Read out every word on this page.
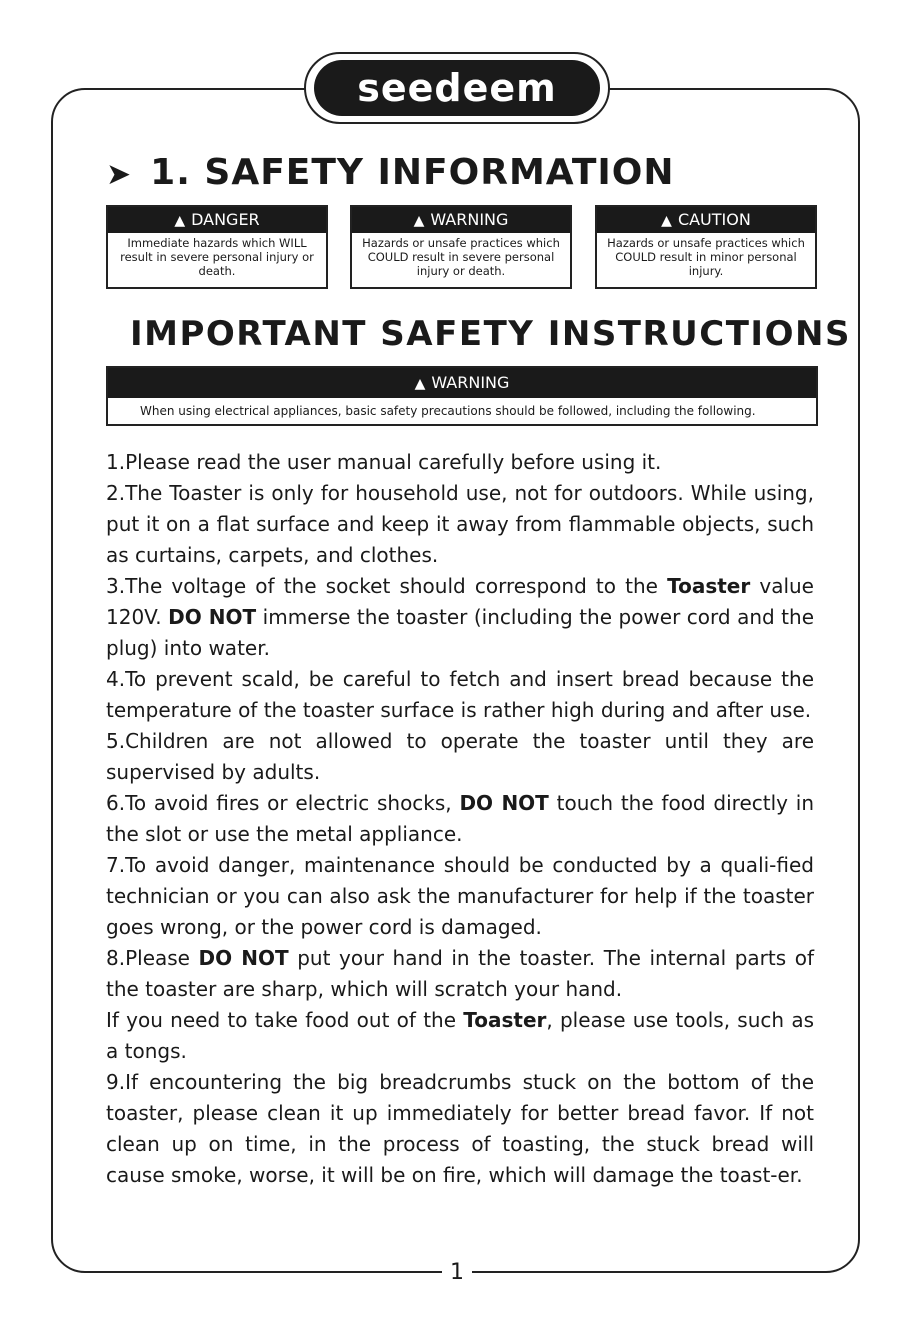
seedeem
➤ 1. SAFETY INFORMATION
▲ DANGER
Immediate hazards which WILL result in severe personal injury or death.
▲ WARNING
Hazards or unsafe practices which COULD result in severe personal injury or death.
▲ CAUTION
Hazards or unsafe practices which COULD result in minor personal injury.
IMPORTANT SAFETY INSTRUCTIONS
▲ WARNING
When using electrical appliances, basic safety precautions should be followed, including the following.

1.Please read the user manual carefully before using it.

2.The Toaster is only for household use, not for outdoors. While using, put it on a flat surface and keep it away from flammable objects, such as curtains, carpets, and clothes.

3.The voltage of the socket should correspond to the Toaster value 120V. DO NOT immerse the toaster (including the power cord and the plug) into water.

4.To prevent scald, be careful to fetch and insert bread because the temperature of the toaster surface is rather high during and after use.

5.Children are not allowed to operate the toaster until they are supervised by adults.

6.To avoid fires or electric shocks, DO NOT touch the food directly in the slot or use the metal appliance.

7.To avoid danger, maintenance should be conducted by a quali-fied technician or you can also ask the manufacturer for help if the toaster goes wrong, or the power cord is damaged.

8.Please DO NOT put your hand in the toaster. The internal parts of the toaster are sharp, which will scratch your hand.

If you need to take food out of the Toaster, please use tools, such as a tongs.

9.If encountering the big breadcrumbs stuck on the bottom of the toaster, please clean it up immediately for better bread favor. If not clean up on time, in the process of toasting, the stuck bread will cause smoke, worse, it will be on fire, which will damage the toast-er.

1
